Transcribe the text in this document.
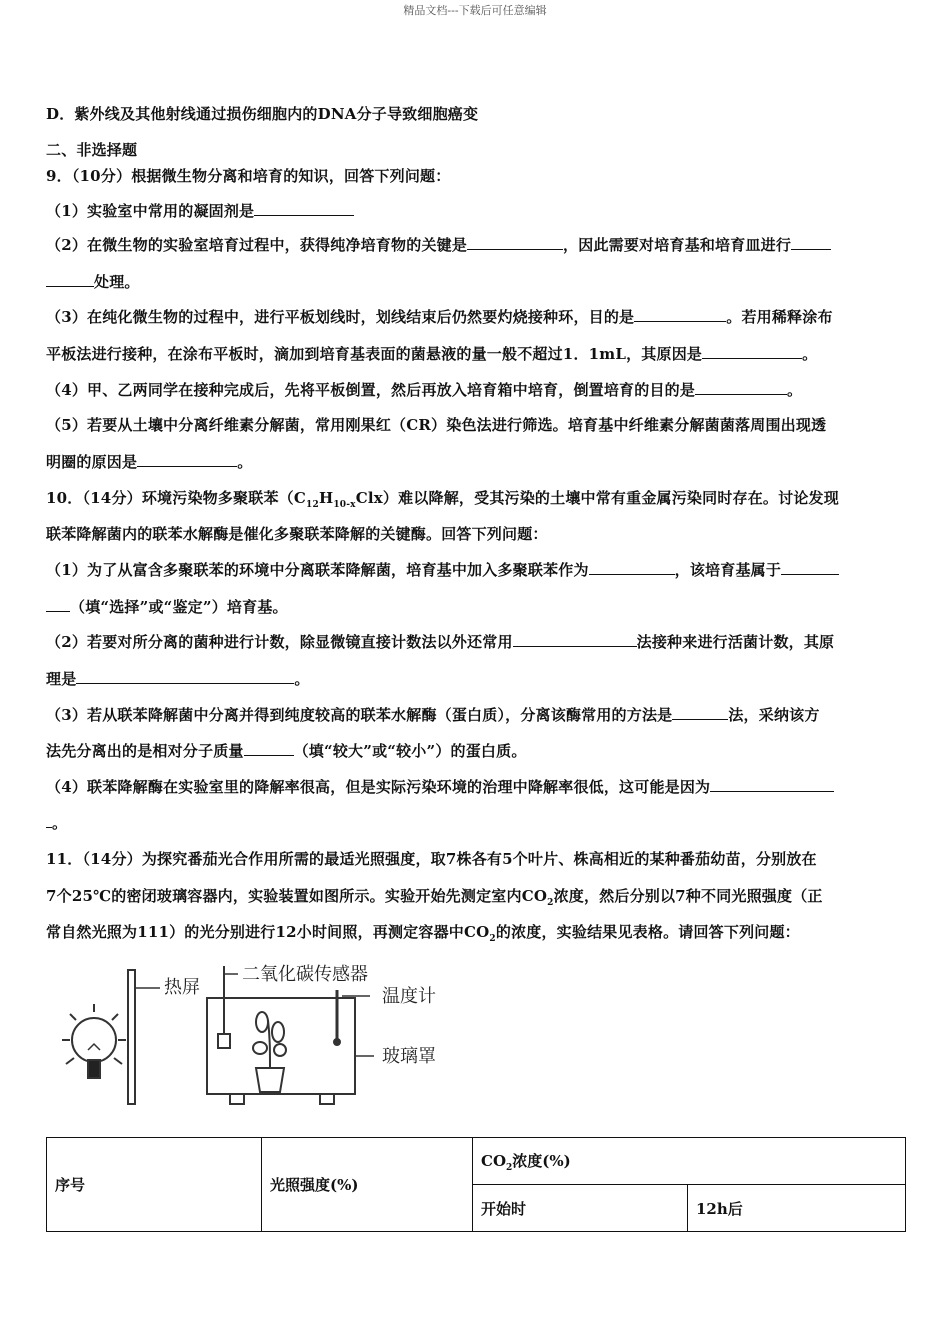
精品文档---下载后可任意编辑
D．紫外线及其他射线通过损伤细胞内的DNA分子导致细胞癌变
二、非选择题
9．（10分）根据微生物分离和培育的知识，回答下列问题：
（1）实验室中常用的凝固剂是
（2）在微生物的实验室培育过程中，获得纯净培育物的关键是	，因此需要对培育基和培育皿进行
处理。
（3）在纯化微生物的过程中，进行平板划线时，划线结束后仍然要灼烧接种环，目的是	。若用稀释涂布
平板法进行接种，在涂布平板时，滴加到培育基表面的菌悬液的量一般不超过1．1mL，其原因是	。
（4）甲、乙两同学在接种完成后，先将平板倒置，然后再放入培育箱中培育，倒置培育的目的是	。
（5）若要从土壤中分离纤维素分解菌，常用刚果红（CR）染色法进行筛选。培育基中纤维素分解菌菌落周围出现透
明圈的原因是	。
10．（14分）环境污染物多聚联苯$(C_{12}H_{10-x}Clx)$难以降解，受其污染的土壤中常有重金属污染同时存在。讨论发现
联苯降解菌内的联苯水解酶是催化多聚联苯降解的关键酶。回答下列问题：
（1）为了从富含多聚联苯的环境中分离联苯降解菌，培育基中加入多聚联苯作为	，该培育基属于
（填“选择”或“鉴定”）培育基。
（2）若要对所分离的菌种进行计数，除显微镜直接计数法以外还常用	法接种来进行活菌计数，其原
理是	。
（3）若从联苯降解菌中分离并得到纯度较高的联苯水解酶（蛋白质），分离该酶常用的方法是	法，采纳该方
法先分离出的是相对分子质量	（填“较大”或“较小”）的蛋白质。
（4）联苯降解酶在实验室里的降解率很高，但是实际污染环境的治理中降解率很低，这可能是因为
。
11．（14分）为探究番茄光合作用所需的最适光照强度，取7株各有5个叶片、株高相近的某种番茄幼苗，分别放在
7个25℃的密闭玻璃容器内，实验装置如图所示。实验开始先测定室内$CO_2$浓度，然后分别以7种不同光照强度（正
常自然光照为111）的光分别进行12小时间照，再测定容器中$CO_2$的浓度，实验结果见表格。请回答下列问题：
热屏
二氧化碳传感器
温度计
玻璃罩
序号	光照强度(%)	$CO_2$浓度(%)	
		开始时	12h后
